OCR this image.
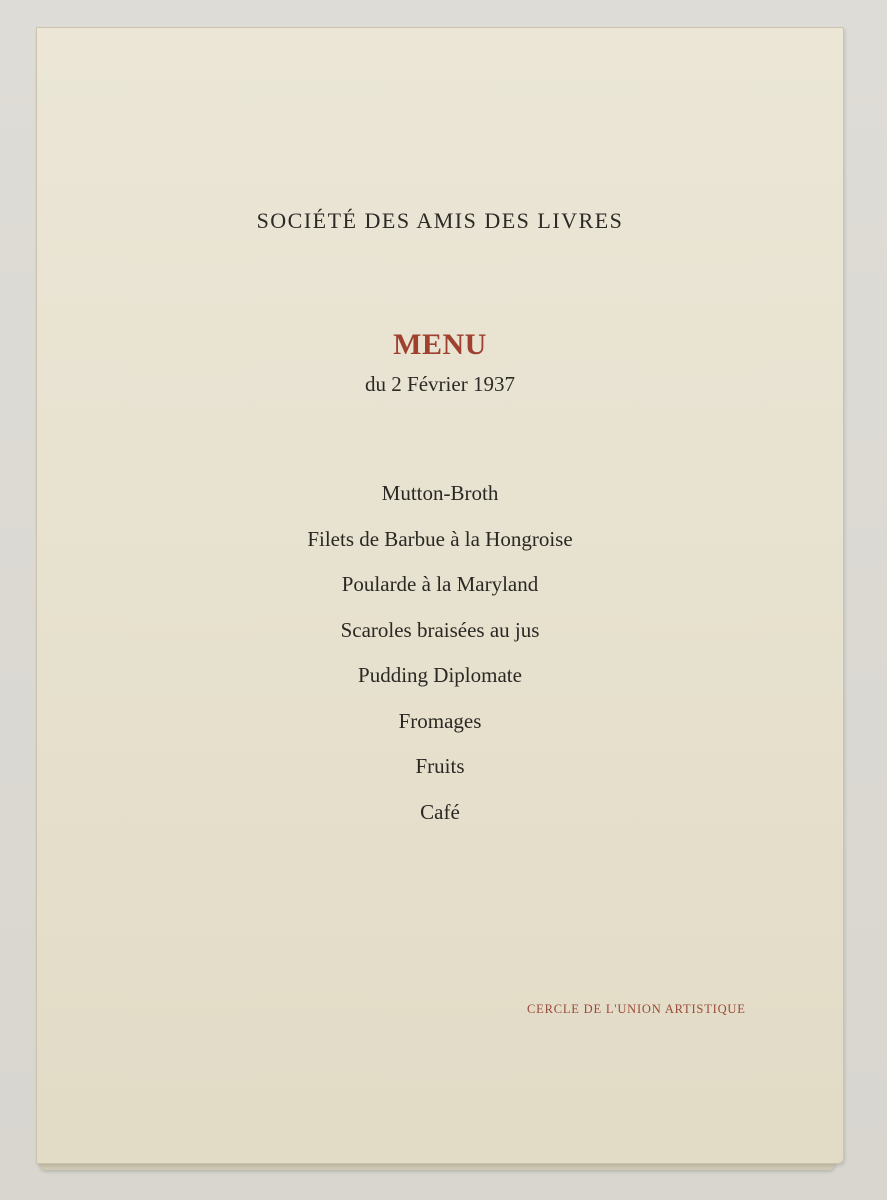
SOCIÉTÉ DES AMIS DES LIVRES
MENU
du 2 Février 1937
Mutton-Broth
Filets de Barbue à la Hongroise
Poularde à la Maryland
Scaroles braisées au jus
Pudding Diplomate
Fromages
Fruits
Café
CERCLE DE L'UNION ARTISTIQUE
